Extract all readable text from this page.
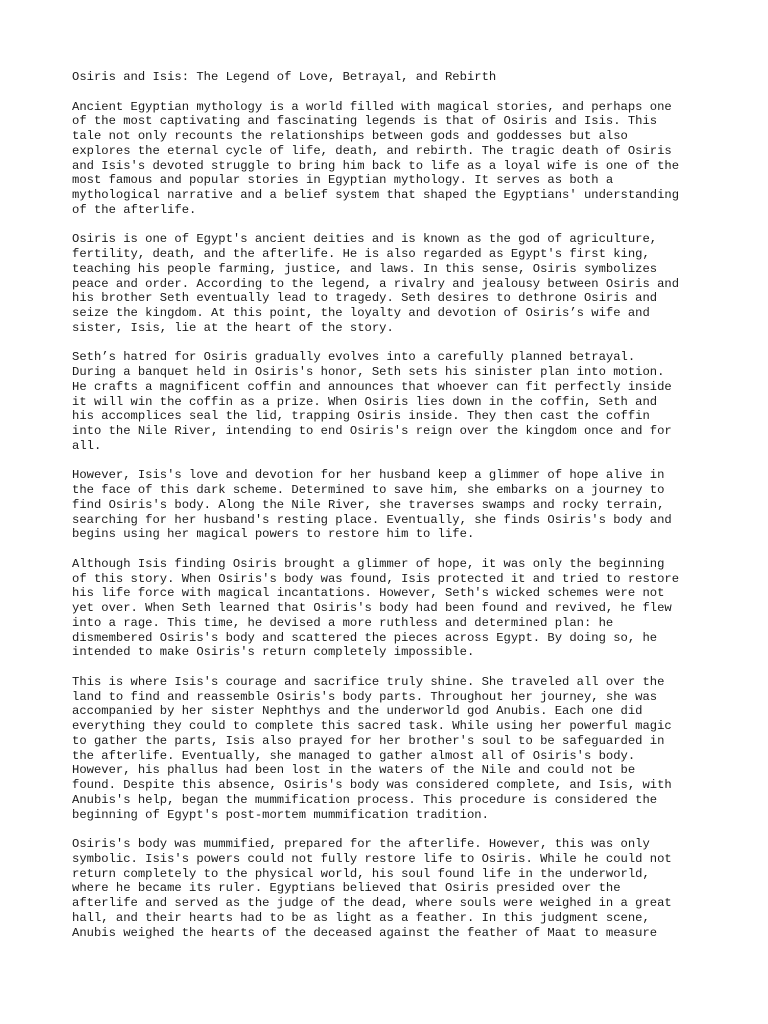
Osiris and Isis: The Legend of Love, Betrayal, and Rebirth
Ancient Egyptian mythology is a world filled with magical stories, and perhaps one
of the most captivating and fascinating legends is that of Osiris and Isis. This
tale not only recounts the relationships between gods and goddesses but also
explores the eternal cycle of life, death, and rebirth. The tragic death of Osiris
and Isis's devoted struggle to bring him back to life as a loyal wife is one of the
most famous and popular stories in Egyptian mythology. It serves as both a
mythological narrative and a belief system that shaped the Egyptians' understanding
of the afterlife.
Osiris is one of Egypt's ancient deities and is known as the god of agriculture,
fertility, death, and the afterlife. He is also regarded as Egypt's first king,
teaching his people farming, justice, and laws. In this sense, Osiris symbolizes
peace and order. According to the legend, a rivalry and jealousy between Osiris and
his brother Seth eventually lead to tragedy. Seth desires to dethrone Osiris and
seize the kingdom. At this point, the loyalty and devotion of Osiris’s wife and
sister, Isis, lie at the heart of the story.
Seth’s hatred for Osiris gradually evolves into a carefully planned betrayal.
During a banquet held in Osiris's honor, Seth sets his sinister plan into motion.
He crafts a magnificent coffin and announces that whoever can fit perfectly inside
it will win the coffin as a prize. When Osiris lies down in the coffin, Seth and
his accomplices seal the lid, trapping Osiris inside. They then cast the coffin
into the Nile River, intending to end Osiris's reign over the kingdom once and for
all.
However, Isis's love and devotion for her husband keep a glimmer of hope alive in
the face of this dark scheme. Determined to save him, she embarks on a journey to
find Osiris's body. Along the Nile River, she traverses swamps and rocky terrain,
searching for her husband's resting place. Eventually, she finds Osiris's body and
begins using her magical powers to restore him to life.
Although Isis finding Osiris brought a glimmer of hope, it was only the beginning
of this story. When Osiris's body was found, Isis protected it and tried to restore
his life force with magical incantations. However, Seth's wicked schemes were not
yet over. When Seth learned that Osiris's body had been found and revived, he flew
into a rage. This time, he devised a more ruthless and determined plan: he
dismembered Osiris's body and scattered the pieces across Egypt. By doing so, he
intended to make Osiris's return completely impossible.
This is where Isis's courage and sacrifice truly shine. She traveled all over the
land to find and reassemble Osiris's body parts. Throughout her journey, she was
accompanied by her sister Nephthys and the underworld god Anubis. Each one did
everything they could to complete this sacred task. While using her powerful magic
to gather the parts, Isis also prayed for her brother's soul to be safeguarded in
the afterlife. Eventually, she managed to gather almost all of Osiris's body.
However, his phallus had been lost in the waters of the Nile and could not be
found. Despite this absence, Osiris's body was considered complete, and Isis, with
Anubis's help, began the mummification process. This procedure is considered the
beginning of Egypt's post-mortem mummification tradition.
Osiris's body was mummified, prepared for the afterlife. However, this was only
symbolic. Isis's powers could not fully restore life to Osiris. While he could not
return completely to the physical world, his soul found life in the underworld,
where he became its ruler. Egyptians believed that Osiris presided over the
afterlife and served as the judge of the dead, where souls were weighed in a great
hall, and their hearts had to be as light as a feather. In this judgment scene,
Anubis weighed the hearts of the deceased against the feather of Maat to measure
